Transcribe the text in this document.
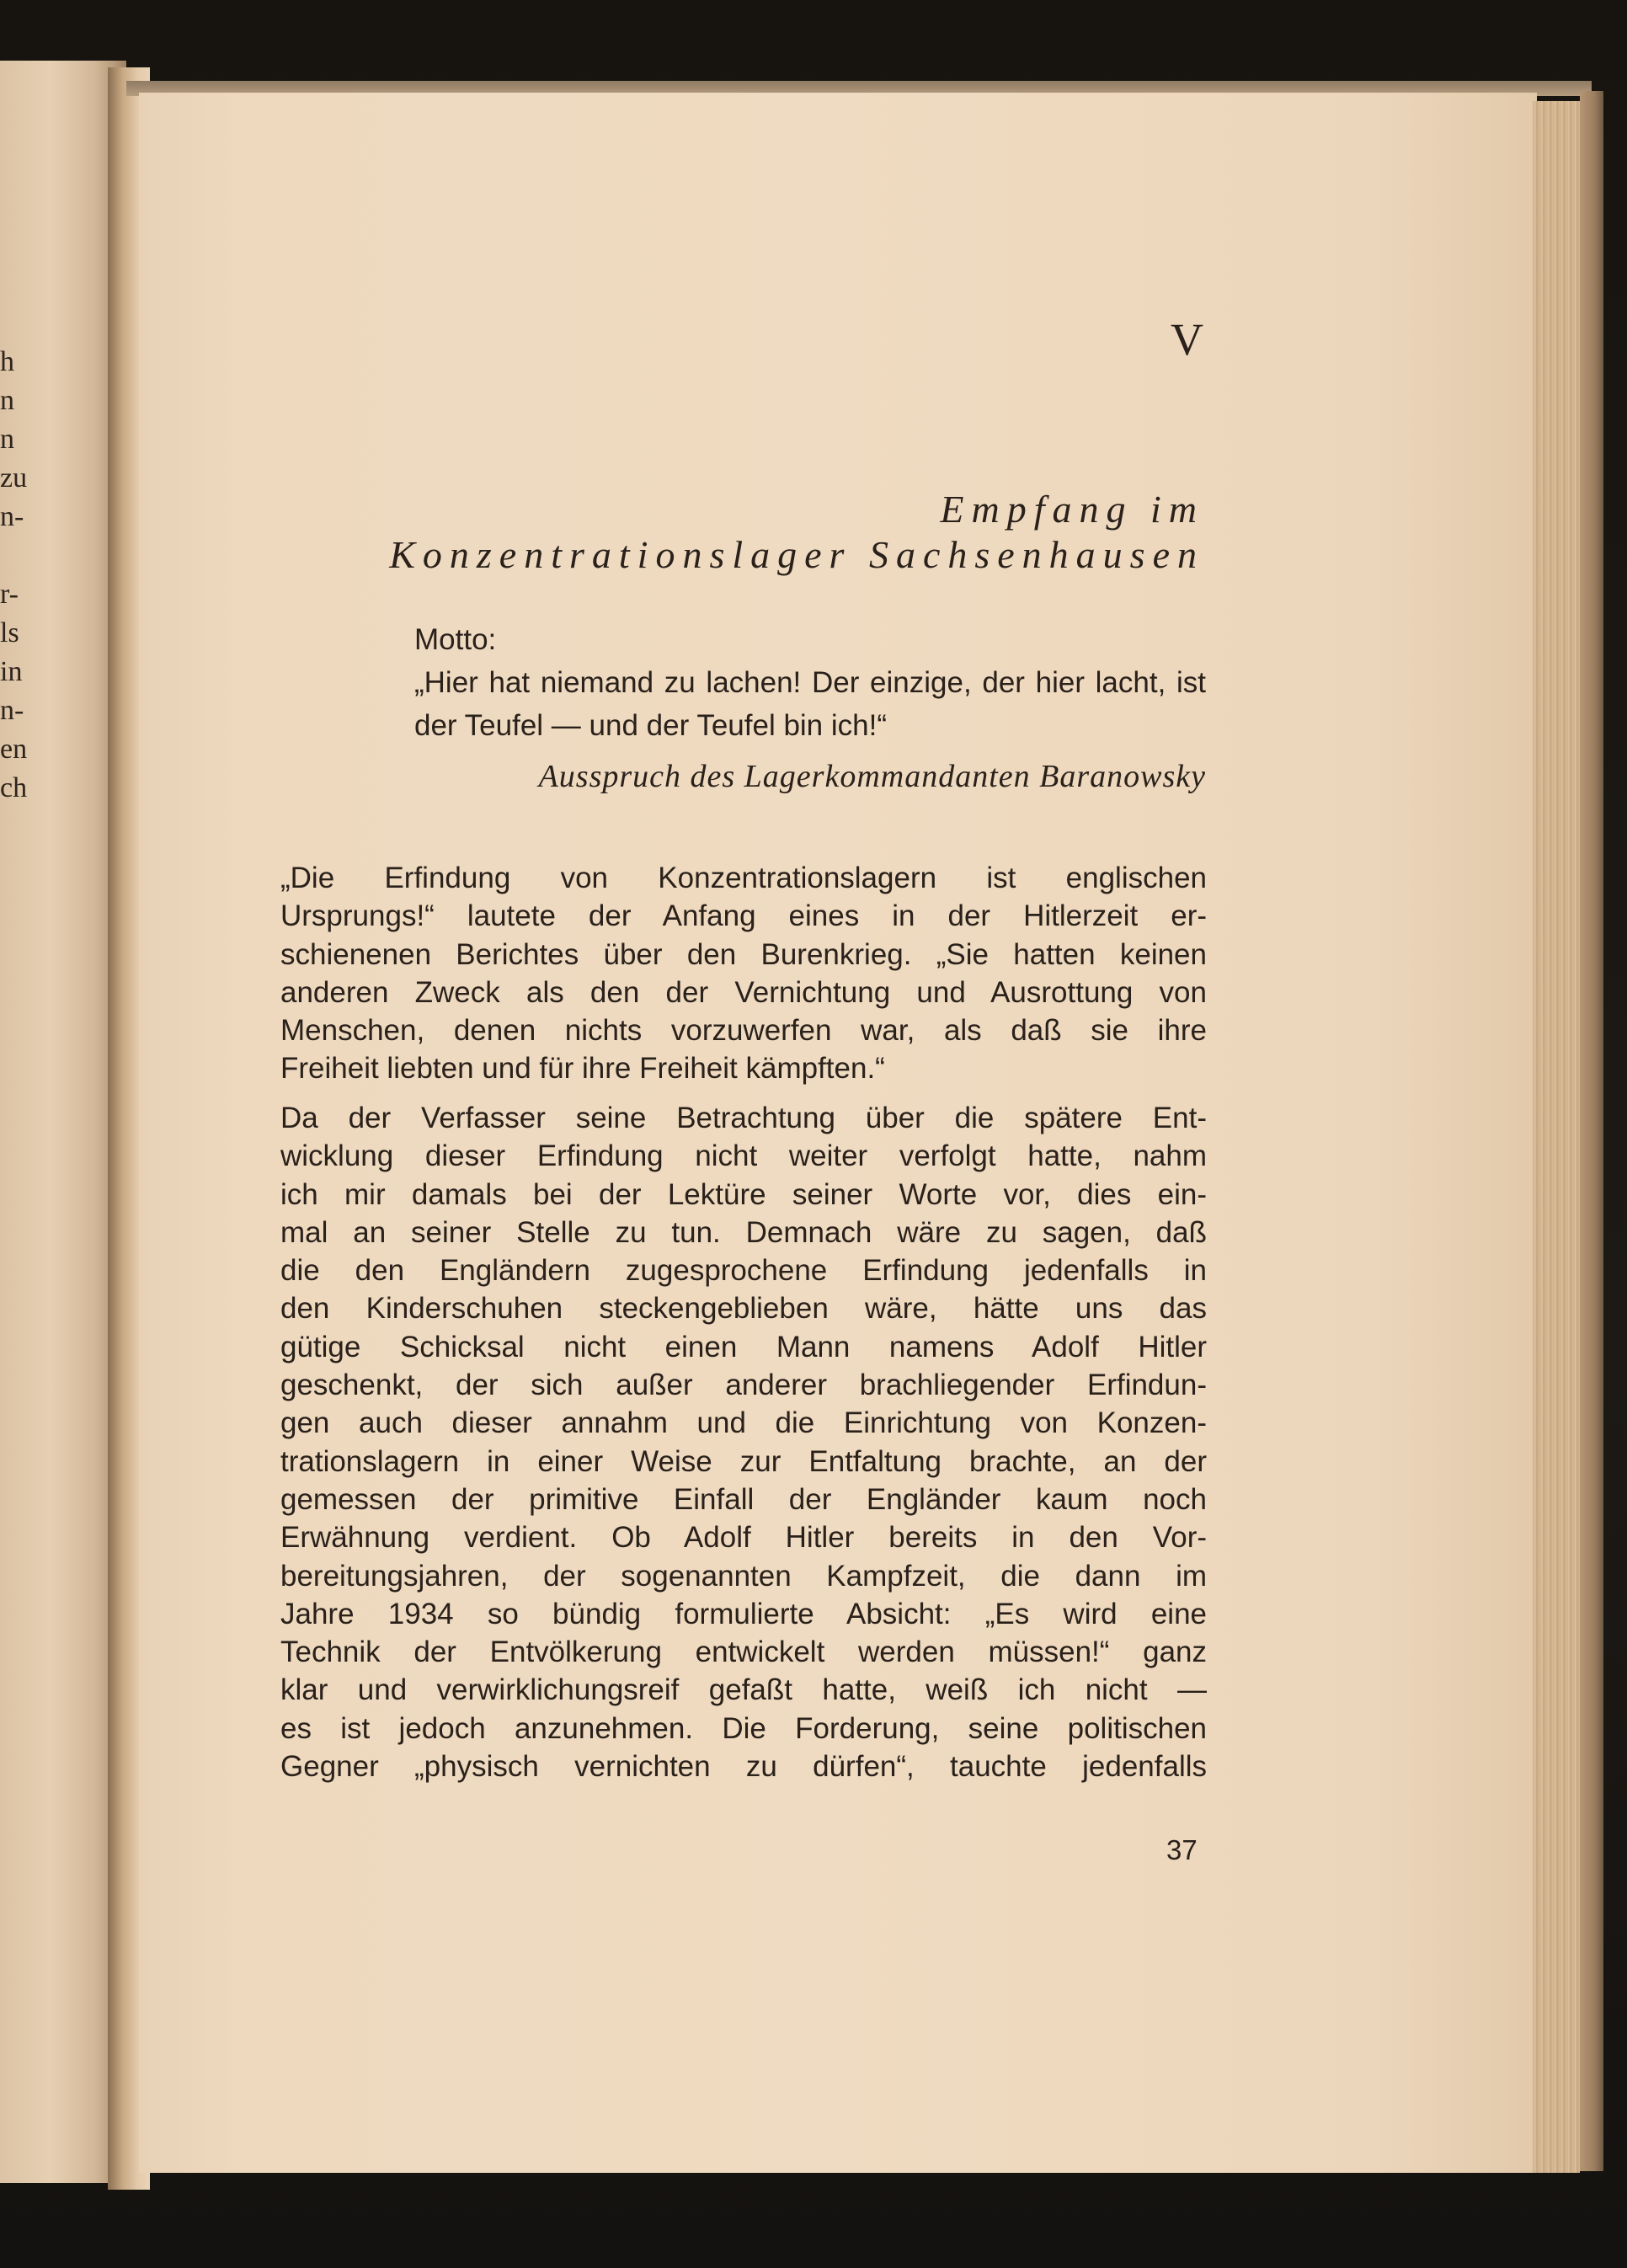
h
n
n
zu
n-
r-
ls
in
n-
en
ch
V
Empfang im
Konzentrationslager Sachsenhausen
Motto:
„Hier hat niemand zu lachen! Der einzige, der hier lacht, ist der Teufel — und der Teufel bin ich!“
Ausspruch des Lagerkommandanten Baranowsky
„Die Erfindung von Konzentrationslagern ist englischen
Ursprungs!“ lautete der Anfang eines in der Hitlerzeit er-
schienenen Berichtes über den Burenkrieg. „Sie hatten keinen
anderen Zweck als den der Vernichtung und Ausrottung von
Menschen, denen nichts vorzuwerfen war, als daß sie ihre
Freiheit liebten und für ihre Freiheit kämpften.“
Da der Verfasser seine Betrachtung über die spätere Ent-
wicklung dieser Erfindung nicht weiter verfolgt hatte, nahm
ich mir damals bei der Lektüre seiner Worte vor, dies ein-
mal an seiner Stelle zu tun. Demnach wäre zu sagen, daß
die den Engländern zugesprochene Erfindung jedenfalls in
den Kinderschuhen steckengeblieben wäre, hätte uns das
gütige Schicksal nicht einen Mann namens Adolf Hitler
geschenkt, der sich außer anderer brachliegender Erfindun-
gen auch dieser annahm und die Einrichtung von Konzen-
trationslagern in einer Weise zur Entfaltung brachte, an der
gemessen der primitive Einfall der Engländer kaum noch
Erwähnung verdient. Ob Adolf Hitler bereits in den Vor-
bereitungsjahren, der sogenannten Kampfzeit, die dann im
Jahre 1934 so bündig formulierte Absicht: „Es wird eine
Technik der Entvölkerung entwickelt werden müssen!“ ganz
klar und verwirklichungsreif gefaßt hatte, weiß ich nicht —
es ist jedoch anzunehmen. Die Forderung, seine politischen
Gegner „physisch vernichten zu dürfen“, tauchte jedenfalls
37
